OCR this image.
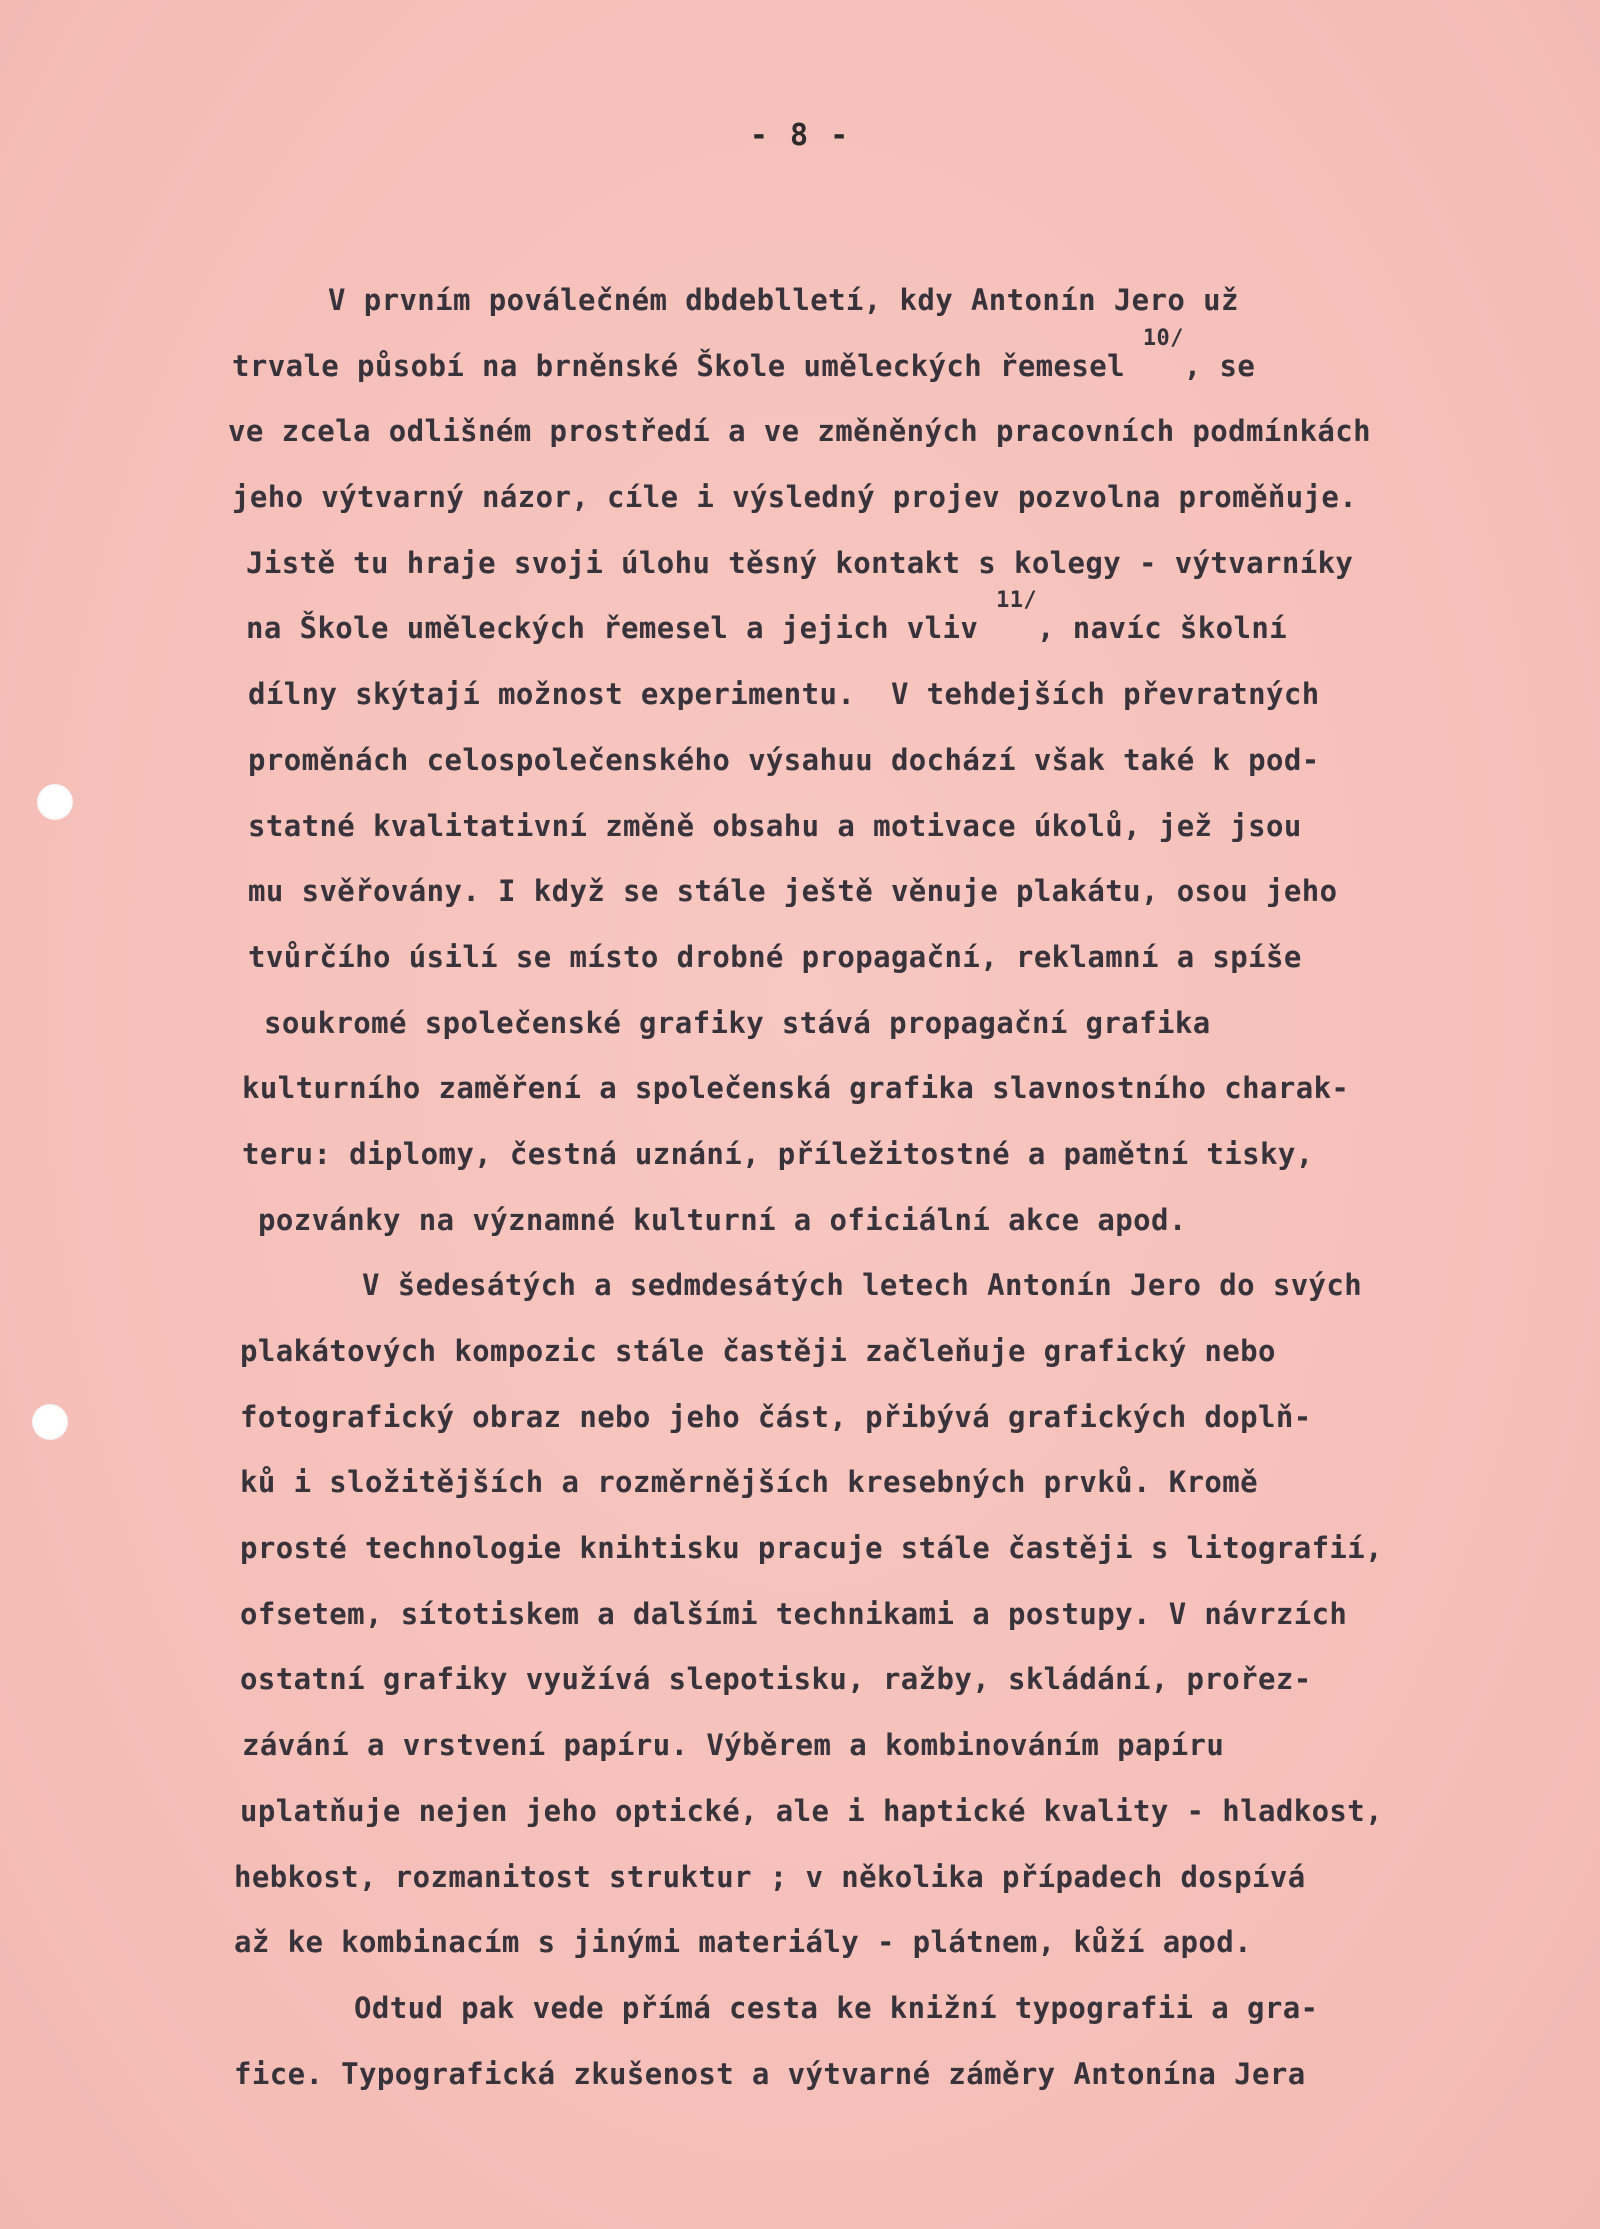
- 8 -
V prvním poválečném dbdeblletí, kdy Antonín Jero už
trvale působí na brněnské Škole uměleckých řemesel $^{10/}$, se
ve zcela odlišném prostředí a ve změněných pracovních podmínkách
jeho výtvarný názor, cíle i výsledný projev pozvolna proměňuje.
Jistě tu hraje svoji úlohu těsný kontakt s kolegy - výtvarníky
na Škole uměleckých řemesel a jejich vliv $^{11/}$, navíc školní
dílny skýtají možnost experimentu.  V tehdejších převratných
proměnách celospolečenského výsahuu dochází však také k pod-
statné kvalitativní změně obsahu a motivace úkolů, jež jsou
mu svěřovány. I když se stále ještě věnuje plakátu, osou jeho
tvůrčího úsilí se místo drobné propagační, reklamní a spíše
soukromé společenské grafiky stává propagační grafika
kulturního zaměření a společenská grafika slavnostního charak-
teru: diplomy, čestná uznání, příležitostné a pamětní tisky,
pozvánky na významné kulturní a oficiální akce apod.
V šedesátých a sedmdesátých letech Antonín Jero do svých
plakátových kompozic stále častěji začleňuje grafický nebo
fotografický obraz nebo jeho část, přibývá grafických doplň-
ků i složitějších a rozměrnějších kresebných prvků. Kromě
prosté technologie knihtisku pracuje stále častěji s litografií,
ofsetem, sítotiskem a dalšími technikami a postupy. V návrzích
ostatní grafiky využívá slepotisku, ražby, skládání, prořez-
závání a vrstvení papíru. Výběrem a kombinováním papíru
uplatňuje nejen jeho optické, ale i haptické kvality - hladkost,
hebkost, rozmanitost struktur ; v několika případech dospívá
až ke kombinacím s jinými materiály - plátnem, kůží apod.
Odtud pak vede přímá cesta ke knižní typografii a gra-
fice. Typografická zkušenost a výtvarné záměry Antonína Jera
